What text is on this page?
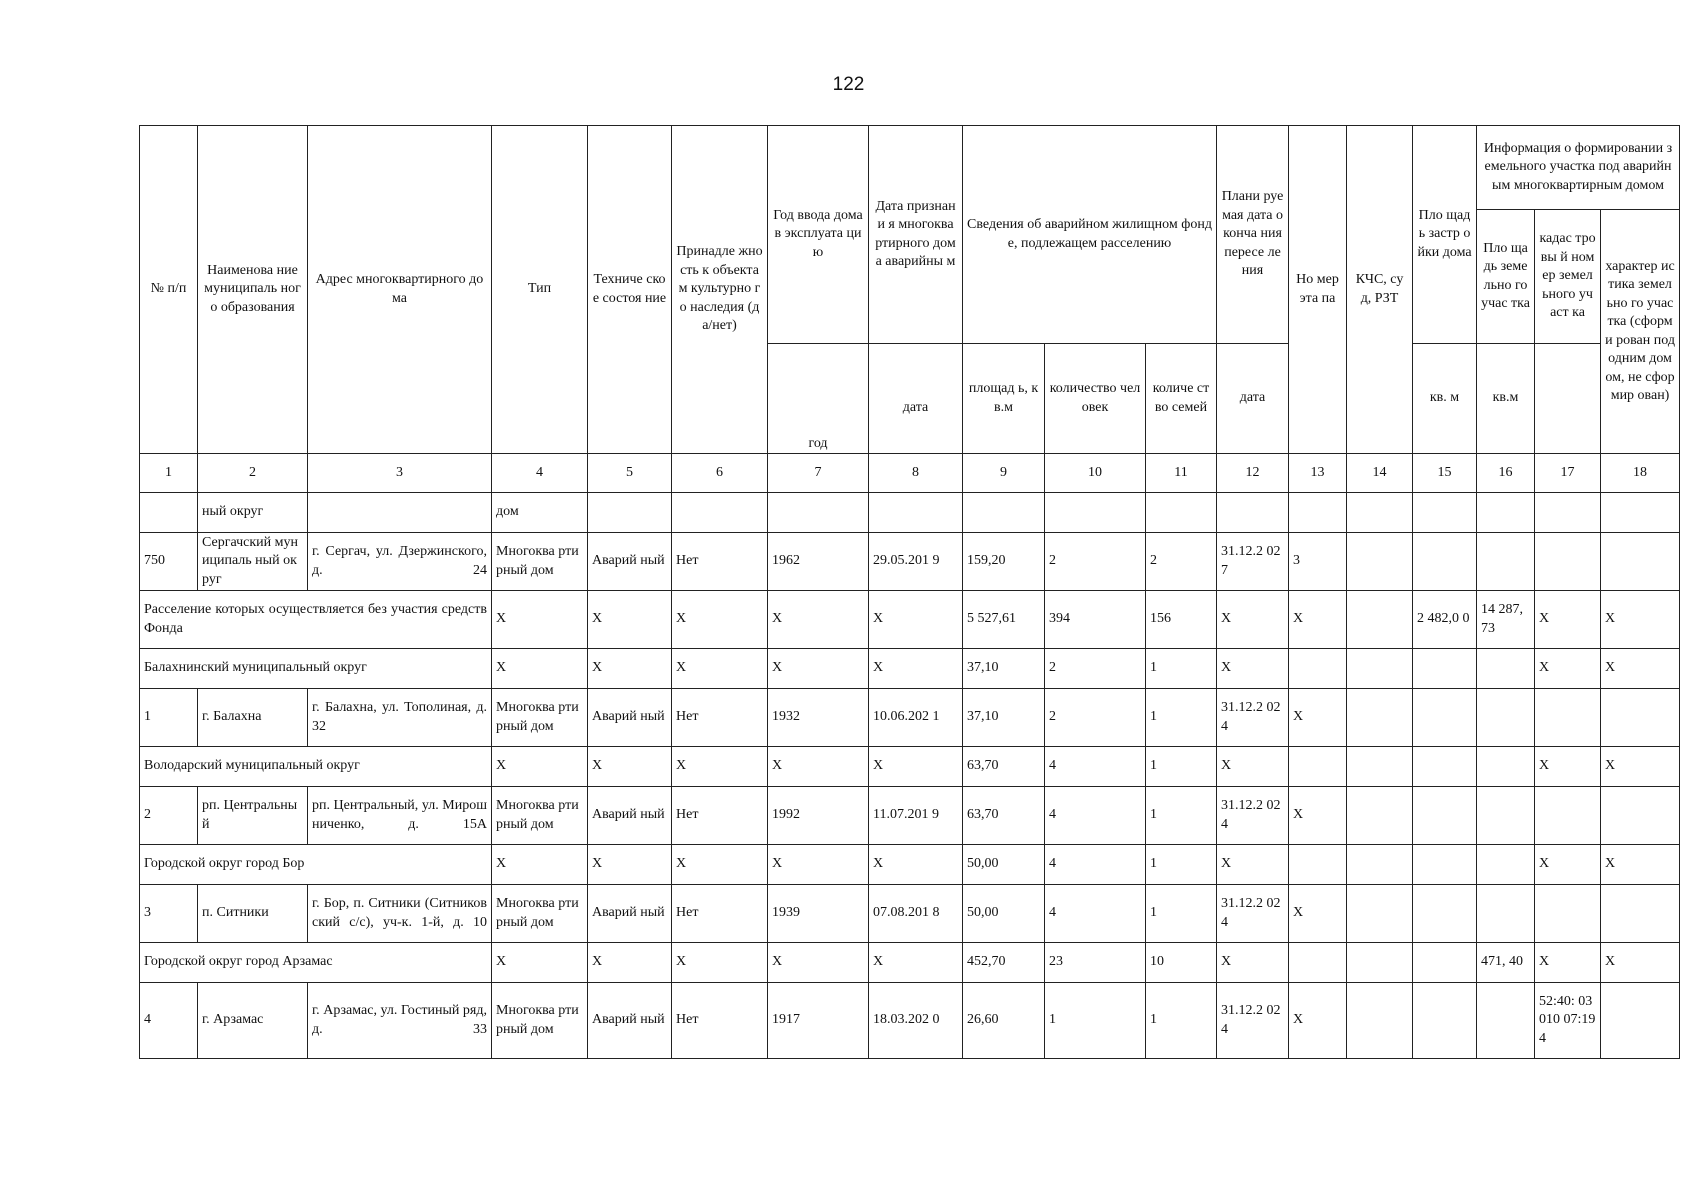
122
№ п/п	Наименова ние муниципаль ного образования	Адрес многоквартирного дома	Тип	Техниче ское состоя ние	Принадле жность к объектам культурно го наследия (да/нет)	Год ввода дома в эксплуата цию	Дата признани я многоква ртирного дома аварийны м	Сведения об аварийном жилищном фонде, подлежащем расселению			Плани руемая дата оконча ния пересе ления	Но мер эта па	КЧС, суд, РЗТ	Пло щадь застр ойки дома	Информация о формировании земельного участка под аварийным многоквартирным домом		
															Пло щадь земе льно го учас тка	кадас тровы й номер земел ьного участ ка	характер истика земельно го участка (сформи рован под одним домом, не сформир ован)
						год	дата	площад ь, кв.м	количество человек	количе ство семей	дата			кв. м	кв.м		
1	2	3	4	5	6	7	8	9	10	11	12	13	14	15	16	17	18
	ный округ		дом														
750	Сергачский муниципаль ный округ	г. Сергач, ул. Дзержинского, д. 24	Многоква ртирный дом	Аварий ный	Нет	1962	29.05.201 9	159,20	2	2	31.12.2 027	3					
Расселение которых осуществляется без участия средств Фонда			Х	Х	Х	Х	Х	5 527,61	394	156	Х	Х		2 482,0 0	14 287, 73	Х	Х
Балахнинский муниципальный округ			Х	Х	Х	Х	Х	37,10	2	1	Х					Х	Х
1	г. Балахна	г. Балахна, ул. Тополиная, д. 32	Многоква ртирный дом	Аварий ный	Нет	1932	10.06.202 1	37,10	2	1	31.12.2 024	Х					
Володарский муниципальный округ			Х	Х	Х	Х	Х	63,70	4	1	Х					Х	Х
2	рп. Центральны й	рп. Центральный, ул. Мирошниченко, д. 15А	Многоква ртирный дом	Аварий ный	Нет	1992	11.07.201 9	63,70	4	1	31.12.2 024	Х					
Городской округ город Бор			Х	Х	Х	Х	Х	50,00	4	1	Х					Х	Х
3	п. Ситники	г. Бор, п. Ситники (Ситниковский с/с), уч-к. 1-й, д. 10	Многоква ртирный дом	Аварий ный	Нет	1939	07.08.201 8	50,00	4	1	31.12.2 024	Х					
Городской округ город Арзамас			Х	Х	Х	Х	Х	452,70	23	10	Х				471, 40	Х	Х
4	г. Арзамас	г. Арзамас, ул. Гостиный ряд, д. 33	Многоква ртирный дом	Аварий ный	Нет	1917	18.03.202 0	26,60	1	1	31.12.2 024	Х				52:40: 03010 07:19 4	
